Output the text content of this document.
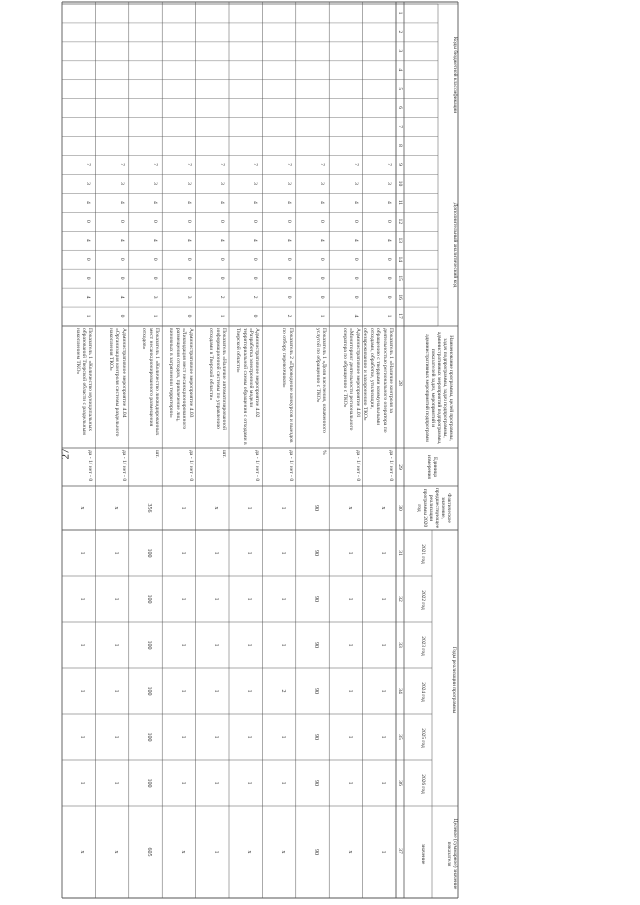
27
Коды бюджетной классификации
Дополнительный аналитический код
Наименование программы, целей программы, задач подпрограммы, задач подпрограммы, административных мероприятий подпрограммы, показателей задач, мероприятий и административных мероприятий подпрограмм
Единица измерения
Фактическое значение, предшествующее реализации программы 2020 год
Годы реализации программы
Целевое (суммарное) значение показателя
значение
2021 год
2022 год
2023 год
2024 год
2025 год
2026 год
1
2
3
4
5
6
7
8
9
10
11
12
13
14
15
16
17
28
29
30
31
32
33
34
35
36
37
7
3
4
0
4
0
0
0
1
Показатель 1 «Наличие контроля за деятельностью регионального оператора по обращению с твердыми коммунальными отходами, обработке, утилизации, обезвреживанию и захоронению ТКО»
да - 1/ нет - 0
x
1
1
1
1
1
1
1
7
3
4
0
4
0
0
0
4
Административное мероприятие 4.01 «Мониторинг деятельности регионального оператора по обращению с ТКО»
да - 1/ нет - 0
x
1
1
1
1
1
1
x
7
3
4
0
4
0
0
0
1
Показатель 1 «Доля населения, охваченного услугой по обращению с ТКО»
%
90
90
90
90
90
90
90
90
7
3
4
0
4
0
0
0
2
Показатель 2 «Проведение конкурсов и выездов по отбору перевозчиков»
да - 1/ нет - 0
1
1
1
1
2
1
1
x
7
3
4
0
4
0
0
2
0
Административное мероприятие 4.02 «Разработка электронной модели территориальной схемы обращения с отходами в Тверской области»
да - 1/ нет - 0
1
1
1
1
1
1
1
x
7
3
4
0
4
0
0
2
1
Показатель «Наличие автоматизированной информационной системы по управлению отходами в Тверской области»
шт.
x
1
1
1
1
1
1
1
7
3
4
0
4
0
0
3
0
Административное мероприятие 4.03 «Ликвидация мест несанкционированного размещения отходов, привлечение лиц, виновных в загрязнении территории»
да - 1/ нет - 0
1
1
1
1
1
1
1
x
7
3
4
0
4
0
0
3
1
Показатель 1 «Количество ликвидированных мест несанкционированного размещения отходов»
шт.
356
100
100
100
100
100
100
605
7
3
4
0
4
0
0
4
0
Административное мероприятие 4.04 «Организация контроля системы раздельного накопления ТКО»
да - 1/ нет - 0
x
1
1
1
1
1
1
x
7
3
4
0
4
0
0
4
1
Показатель 1 «Количество муниципальных образований Тверской области с раздельным накоплением ТКО»
да - 1/ нет - 0
x
1
1
1
1
1
1
x
